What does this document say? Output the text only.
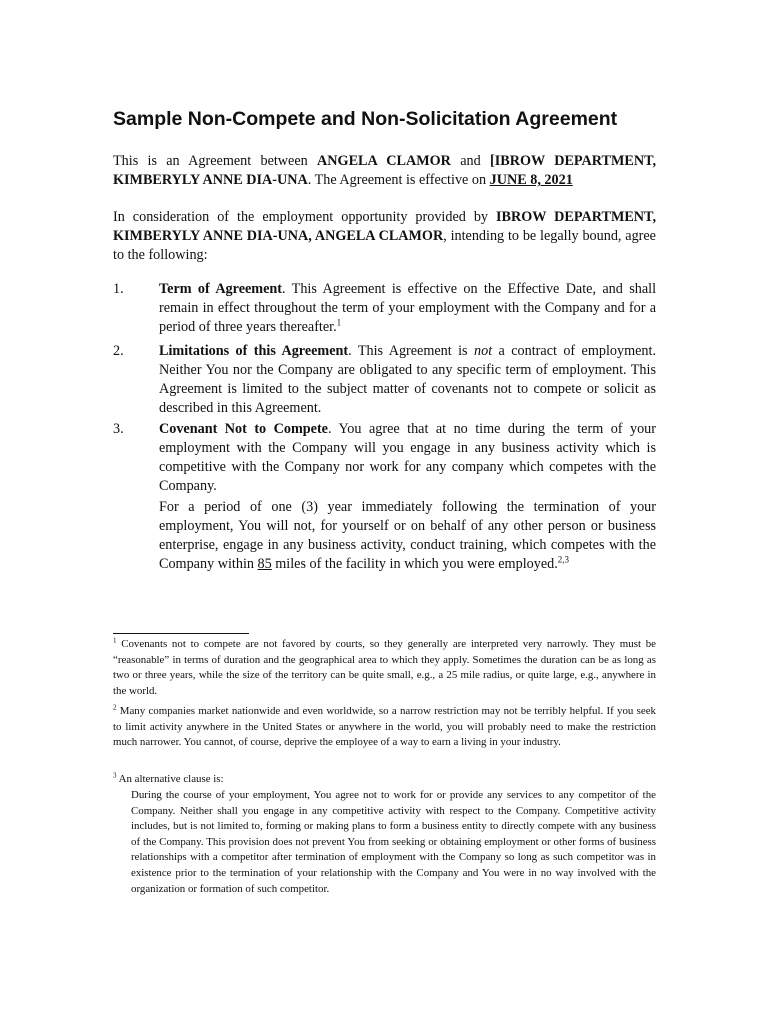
Sample Non-Compete and Non-Solicitation Agreement

This is an Agreement between ANGELA CLAMOR and [IBROW DEPARTMENT, KIMBERYLY ANNE DIA-UNA. The Agreement is effective on JUNE 8, 2021

In consideration of the employment opportunity provided by IBROW DEPARTMENT, KIMBERYLY ANNE DIA-UNA, ANGELA CLAMOR, intending to be legally bound, agree to the following:

1.	Term of Agreement. This Agreement is effective on the Effective Date, and shall remain in effect throughout the term of your employment with the Company and for a period of three years thereafter.$^1$

2.	Limitations of this Agreement. This Agreement is not a contract of employment. Neither You nor the Company are obligated to any specific term of employment. This Agreement is limited to the subject matter of covenants not to compete or solicit as described in this Agreement.

3.	Covenant Not to Compete. You agree that at no time during the term of your employment with the Company will you engage in any business activity which is competitive with the Company nor work for any company which competes with the Company.

For a period of one (3) year immediately following the termination of your employment, You will not, for yourself or on behalf of any other person or business enterprise, engage in any business activity, conduct training, which competes with the Company within 85 miles of the facility in which you were employed.$^{2,3}$

$^1$ Covenants not to compete are not favored by courts, so they generally are interpreted very narrowly. They must be “reasonable” in terms of duration and the geographical area to which they apply. Sometimes the duration can be as long as two or three years, while the size of the territory can be quite small, e.g., a 25 mile radius, or quite large, e.g., anywhere in the world.

$^2$ Many companies market nationwide and even worldwide, so a narrow restriction may not be terribly helpful. If you seek to limit activity anywhere in the United States or anywhere in the world, you will probably need to make the restriction much narrower. You cannot, of course, deprive the employee of a way to earn a living in your industry.

$^3$ An alternative clause is:

During the course of your employment, You agree not to work for or provide any services to any competitor of the Company. Neither shall you engage in any competitive activity with respect to the Company. Competitive activity includes, but is not limited to, forming or making plans to form a business entity to directly compete with any business of the Company. This provision does not prevent You from seeking or obtaining employment or other forms of business relationships with a competitor after termination of employment with the Company so long as such competitor was in existence prior to the termination of your relationship with the Company and You were in no way involved with the organization or formation of such competitor.
